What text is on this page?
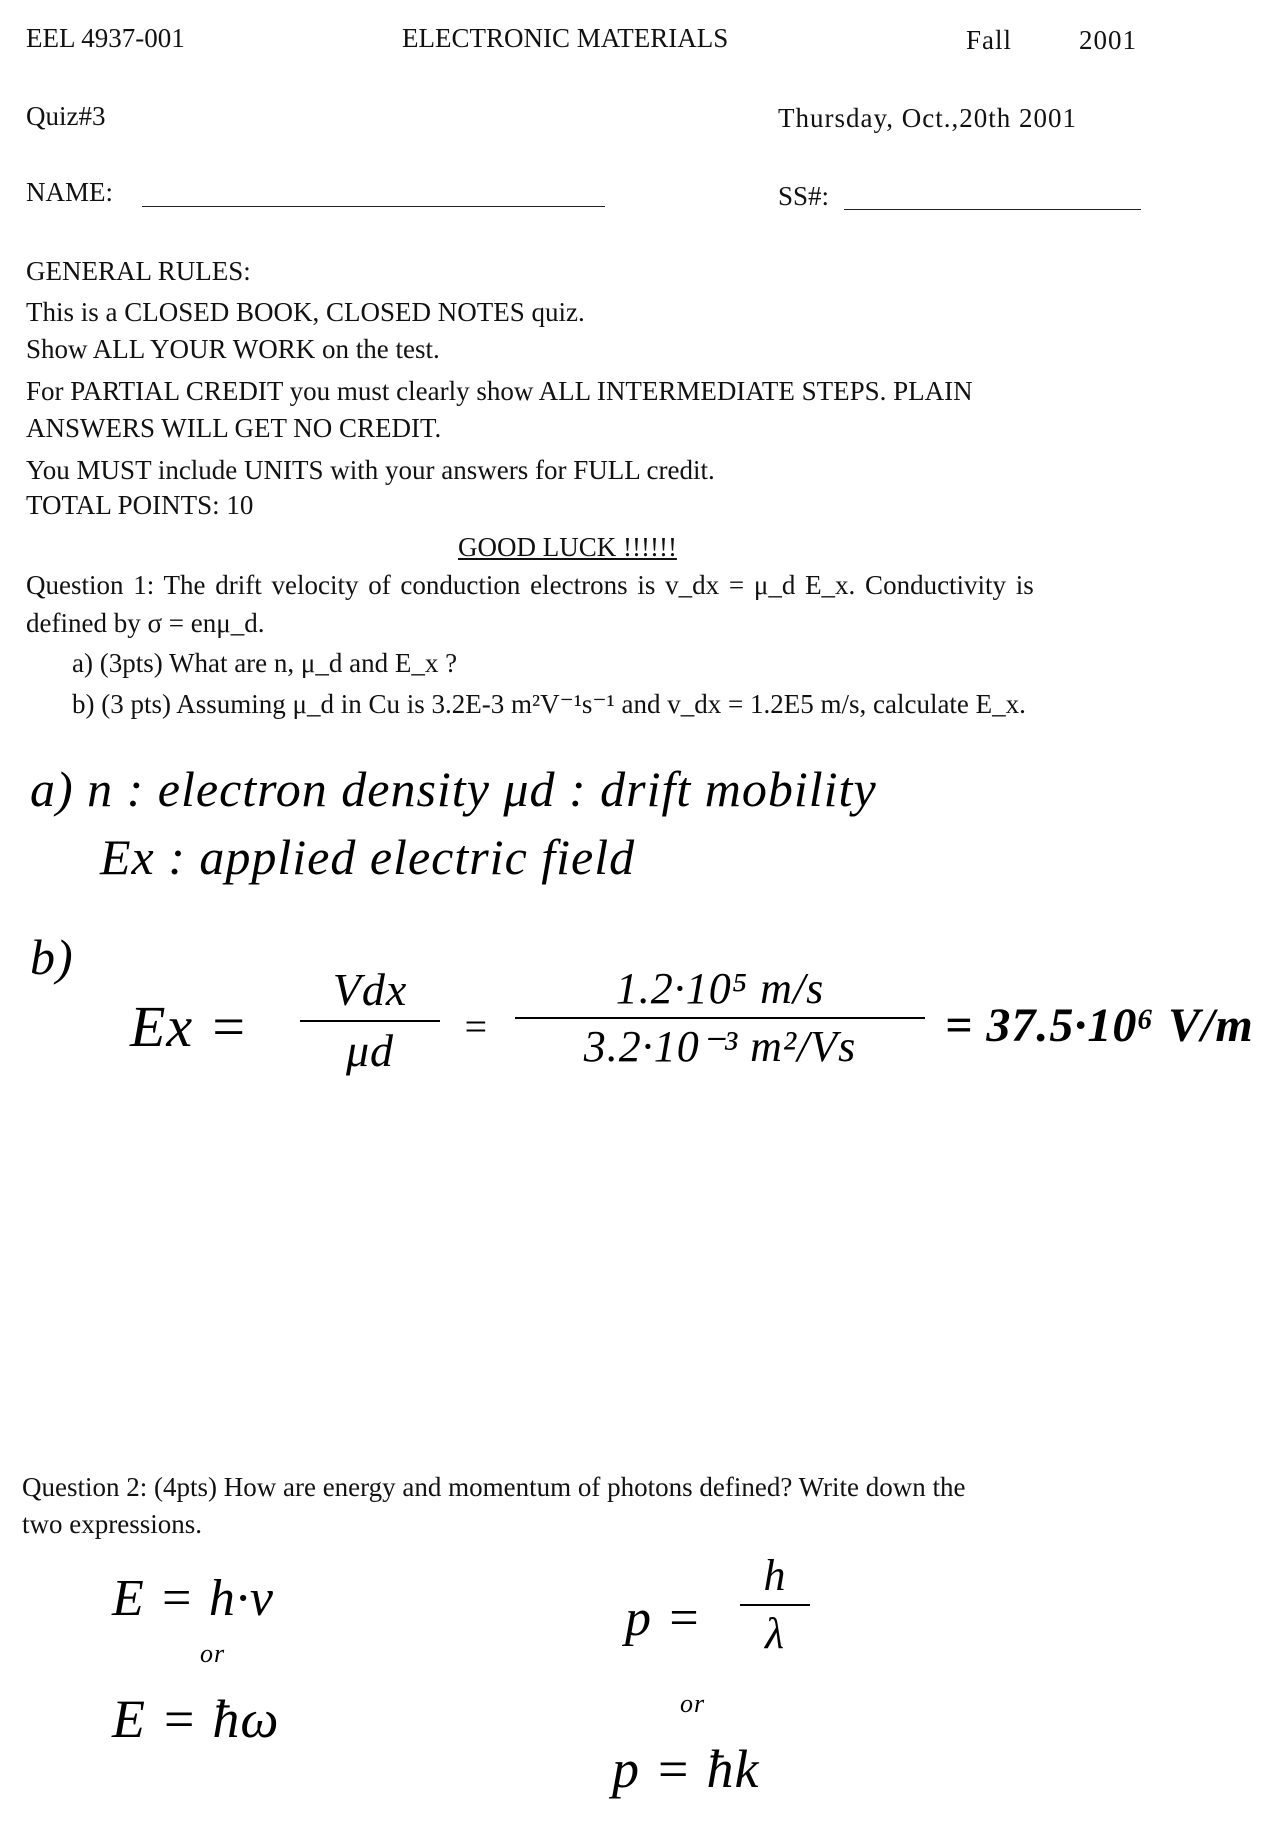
EEL 4937-001	ELECTRONIC MATERIALS	Fall 2001
Quiz#3	Thursday, Oct.,20th 2001
NAME:	SS#:
GENERAL RULES:
This is a CLOSED BOOK, CLOSED NOTES quiz.
Show ALL YOUR WORK on the test.
For PARTIAL CREDIT you must clearly show ALL INTERMEDIATE STEPS. PLAIN
ANSWERS WILL GET NO CREDIT.
You MUST include UNITS with your answers for FULL credit.
TOTAL POINTS: 10
GOOD LUCK !!!!!!
Question 1: The drift velocity of conduction electrons is v_dx = μ_d E_x. Conductivity is
defined by σ = enμ_d.
a) (3pts) What are n, μ_d and E_x ?
b) (3 pts) Assuming μ_d in Cu is 3.2E-3 m²V⁻¹s⁻¹ and v_dx = 1.2E5 m/s, calculate E_x.
a) n : electron density μd : drift mobility
Ex : applied electric field
b)
Ex =
Vdx
μd =
1.2·10⁵ m/s
3.2·10⁻³ m²/Vs = 37.5·10⁶ V/m
Question 2: (4pts) How are energy and momentum of photons defined? Write down the
two expressions.
E = h·ν
or
E = ħω
p =
h
λ
or
p = ħk
